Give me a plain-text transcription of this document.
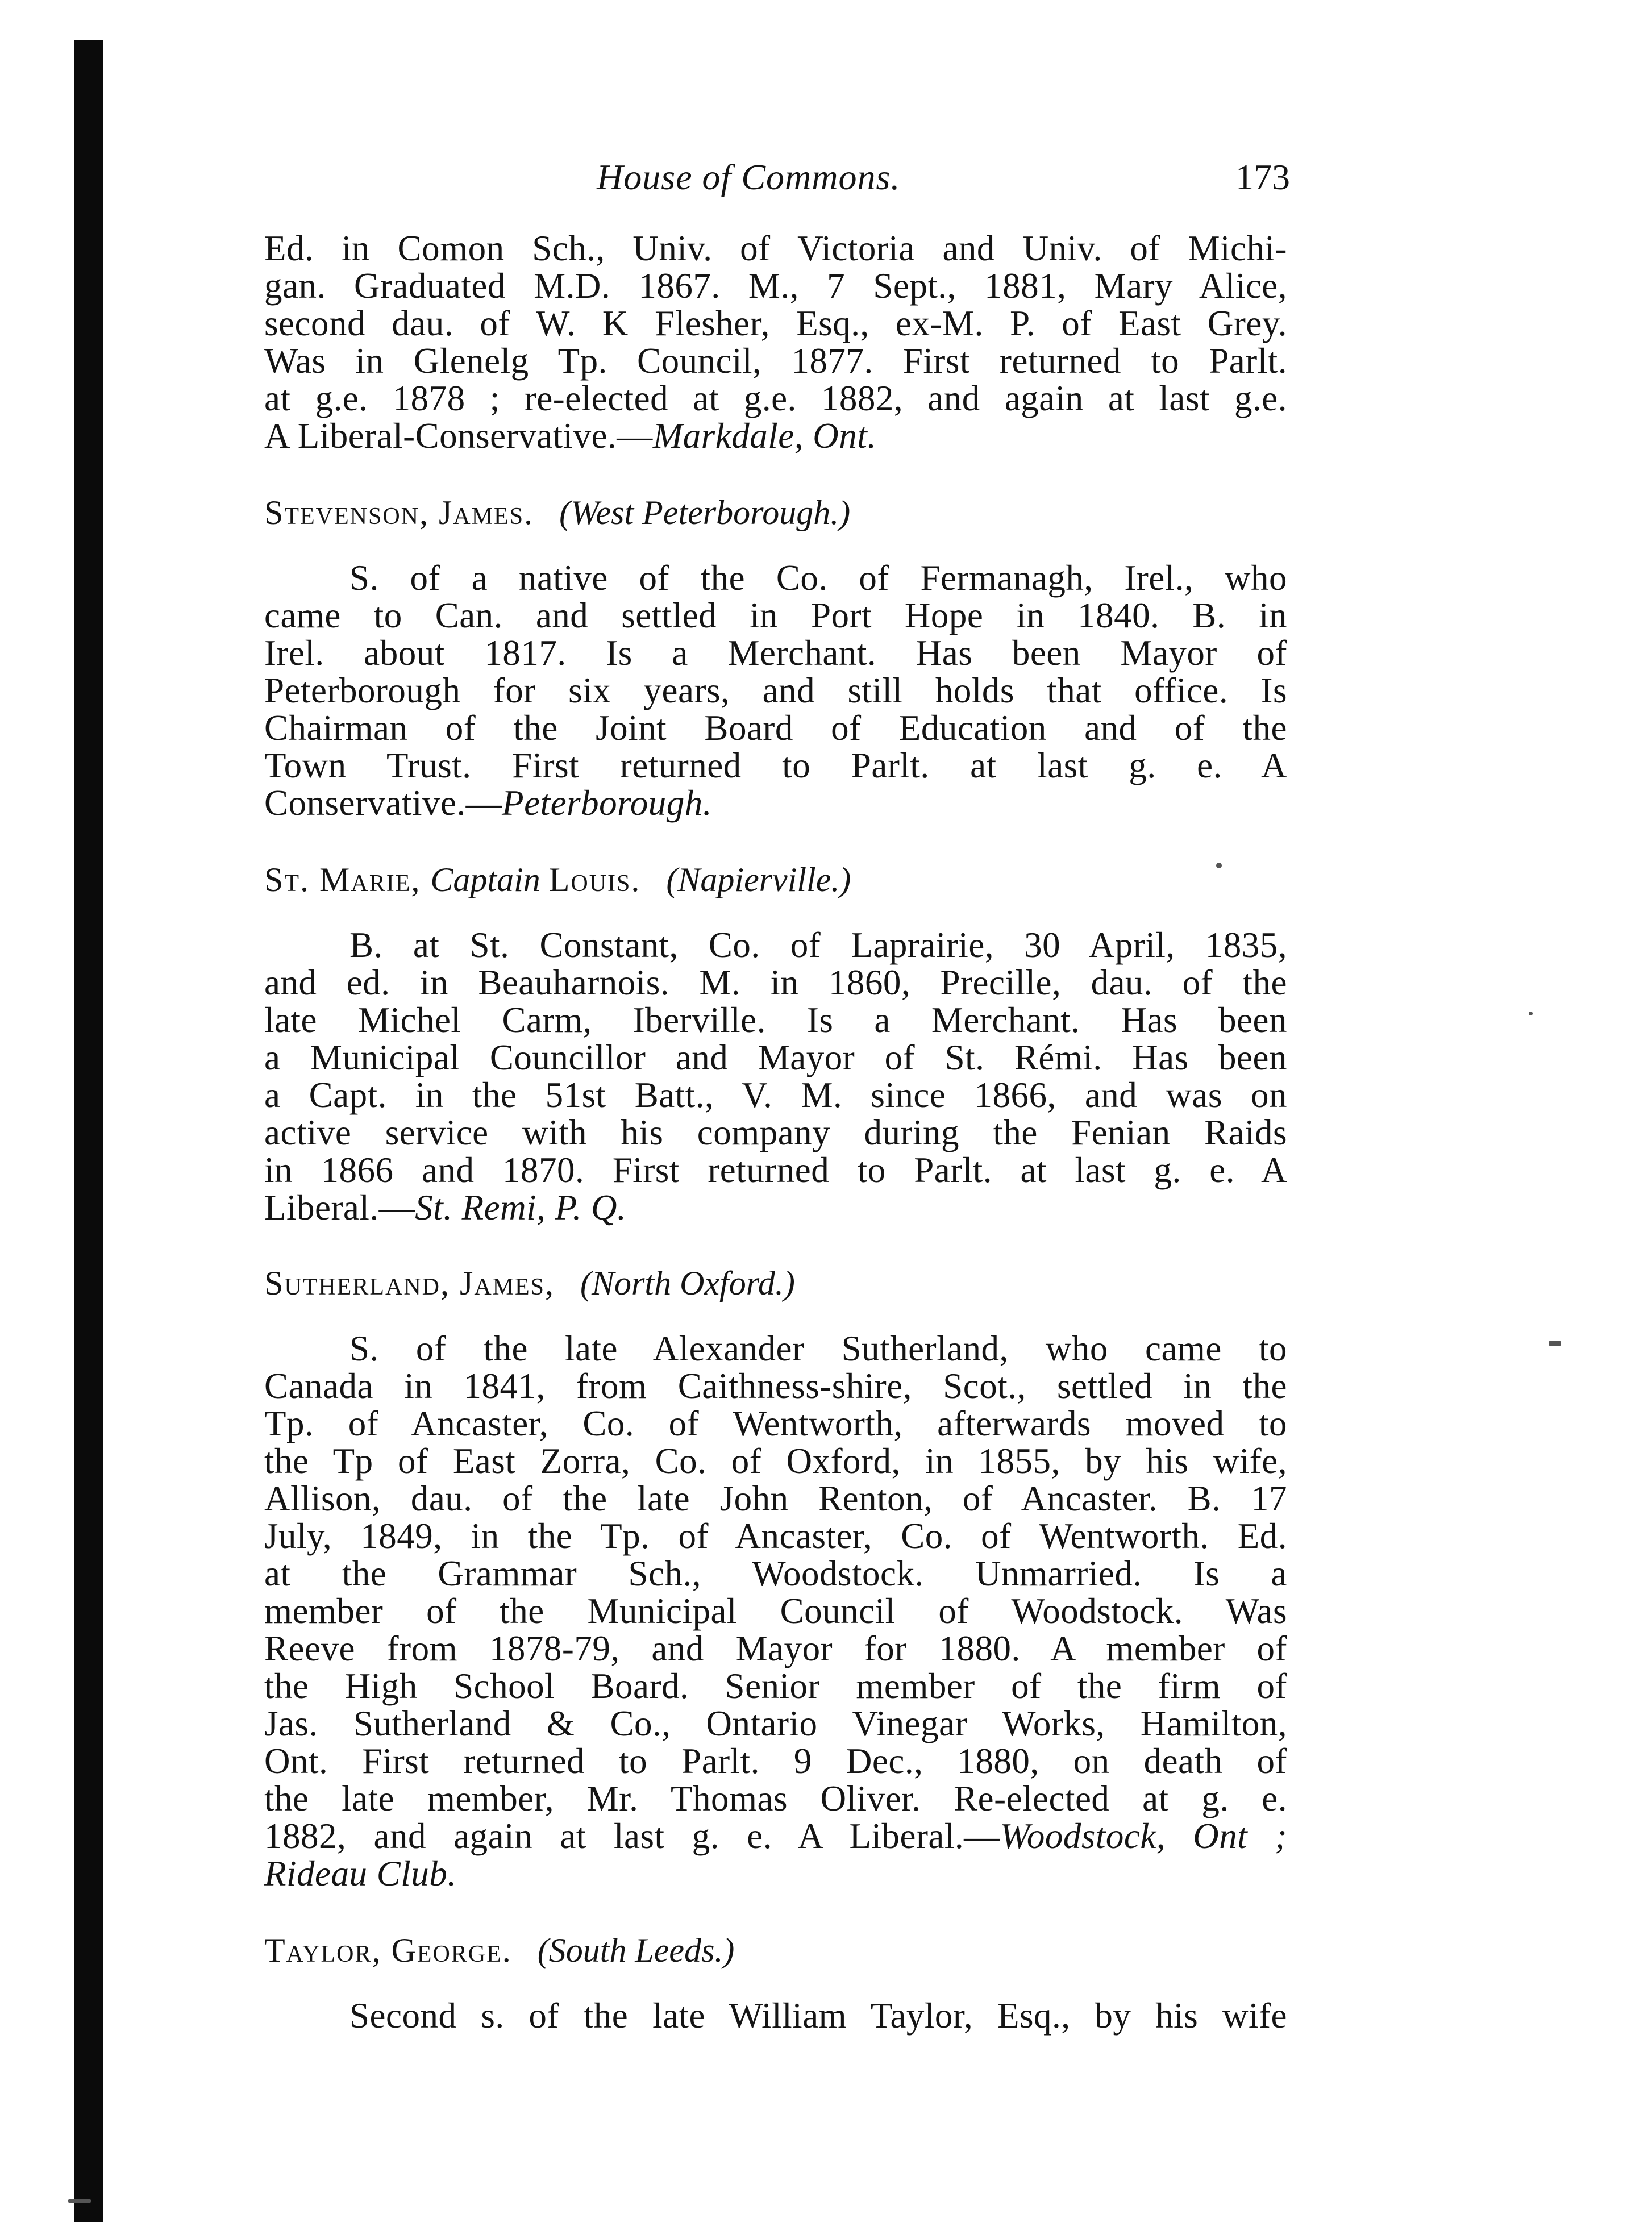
House of Commons.	173
Ed. in Comon Sch., Univ. of Victoria and Univ. of Michi-
gan. Graduated M.D. 1867. M., 7 Sept., 1881, Mary Alice,
second dau. of W. K Flesher, Esq., ex-M. P. of East Grey.
Was in Glenelg Tp. Council, 1877. First returned to Parlt.
at g.e. 1878 ; re-elected at g.e. 1882, and again at last g.e.
A Liberal-Conservative.—Markdale, Ont.
Stevenson, James. (West Peterborough.)
S. of a native of the Co. of Fermanagh, Irel., who
came to Can. and settled in Port Hope in 1840. B. in
Irel. about 1817. Is a Merchant. Has been Mayor of
Peterborough for six years, and still holds that office. Is
Chairman of the Joint Board of Education and of the
Town Trust. First returned to Parlt. at last g. e. A
Conservative.—Peterborough.
St. Marie, Captain Louis. (Napierville.)
B. at St. Constant, Co. of Laprairie, 30 April, 1835,
and ed. in Beauharnois. M. in 1860, Precille, dau. of the
late Michel Carm, Iberville. Is a Merchant. Has been
a Municipal Councillor and Mayor of St. Rémi. Has been
a Capt. in the 51st Batt., V. M. since 1866, and was on
active service with his company during the Fenian Raids
in 1866 and 1870. First returned to Parlt. at last g. e. A
Liberal.—St. Remi, P. Q.
Sutherland, James, (North Oxford.)
S. of the late Alexander Sutherland, who came to
Canada in 1841, from Caithness-shire, Scot., settled in the
Tp. of Ancaster, Co. of Wentworth, afterwards moved to
the Tp of East Zorra, Co. of Oxford, in 1855, by his wife,
Allison, dau. of the late John Renton, of Ancaster. B. 17
July, 1849, in the Tp. of Ancaster, Co. of Wentworth. Ed.
at the Grammar Sch., Woodstock. Unmarried. Is a
member of the Municipal Council of Woodstock. Was
Reeve from 1878-79, and Mayor for 1880. A member of
the High School Board. Senior member of the firm of
Jas. Sutherland & Co., Ontario Vinegar Works, Hamilton,
Ont. First returned to Parlt. 9 Dec., 1880, on death of
the late member, Mr. Thomas Oliver. Re-elected at g. e.
1882, and again at last g. e. A Liberal.—Woodstock, Ont ;
Rideau Club.
Taylor, George. (South Leeds.)
Second s. of the late William Taylor, Esq., by his wife
